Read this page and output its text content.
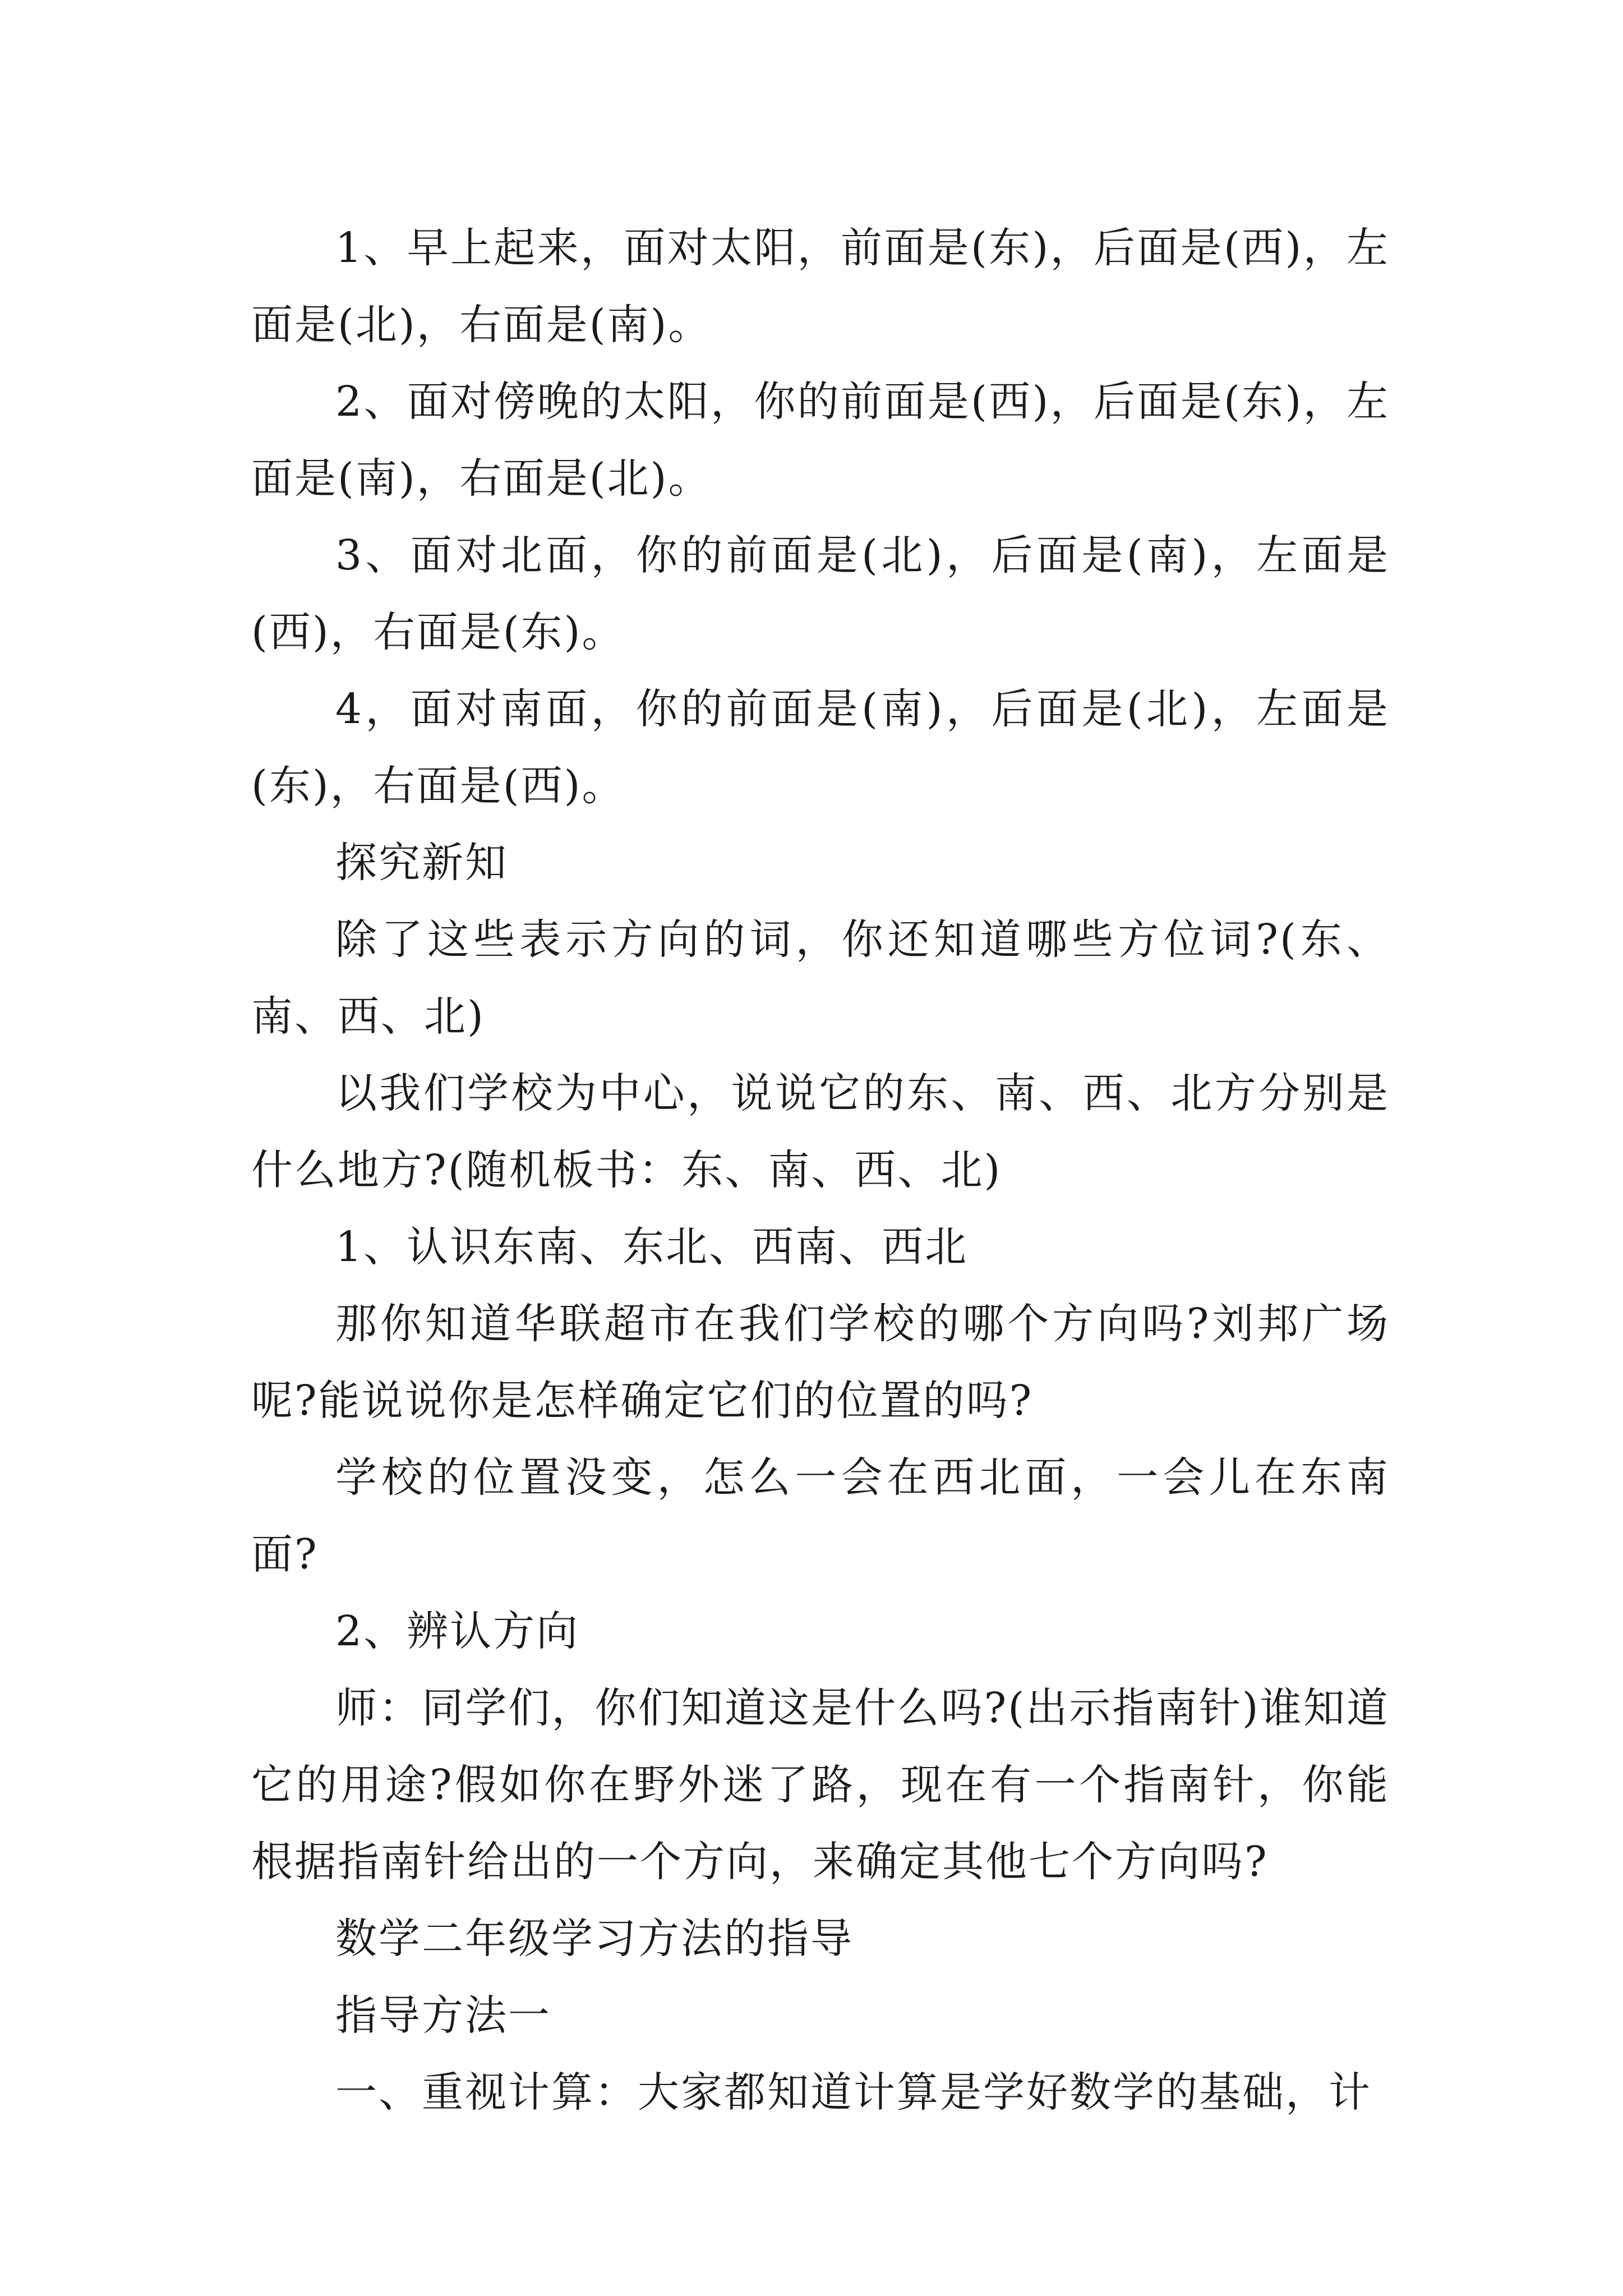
1、早上起来，面对太阳，前面是(东)，后面是(西)，左面是(北)，右面是(南)。

2、面对傍晚的太阳，你的前面是(西)，后面是(东)，左面是(南)，右面是(北)。

3、面对北面，你的前面是(北)，后面是(南)，左面是(西)，右面是(东)。

4，面对南面，你的前面是(南)，后面是(北)，左面是(东)，右面是(西)。

探究新知

除了这些表示方向的词，你还知道哪些方位词?(东、南、西、北)

以我们学校为中心，说说它的东、南、西、北方分别是什么地方?(随机板书：东、南、西、北)

1、认识东南、东北、西南、西北

那你知道华联超市在我们学校的哪个方向吗?刘邦广场呢?能说说你是怎样确定它们的位置的吗?

学校的位置没变，怎么一会在西北面，一会儿在东南面?

2、辨认方向

师：同学们，你们知道这是什么吗?(出示指南针)谁知道它的用途?假如你在野外迷了路，现在有一个指南针，你能根据指南针给出的一个方向，来确定其他七个方向吗?

数学二年级学习方法的指导

指导方法一

一、重视计算：大家都知道计算是学好数学的基础，计
